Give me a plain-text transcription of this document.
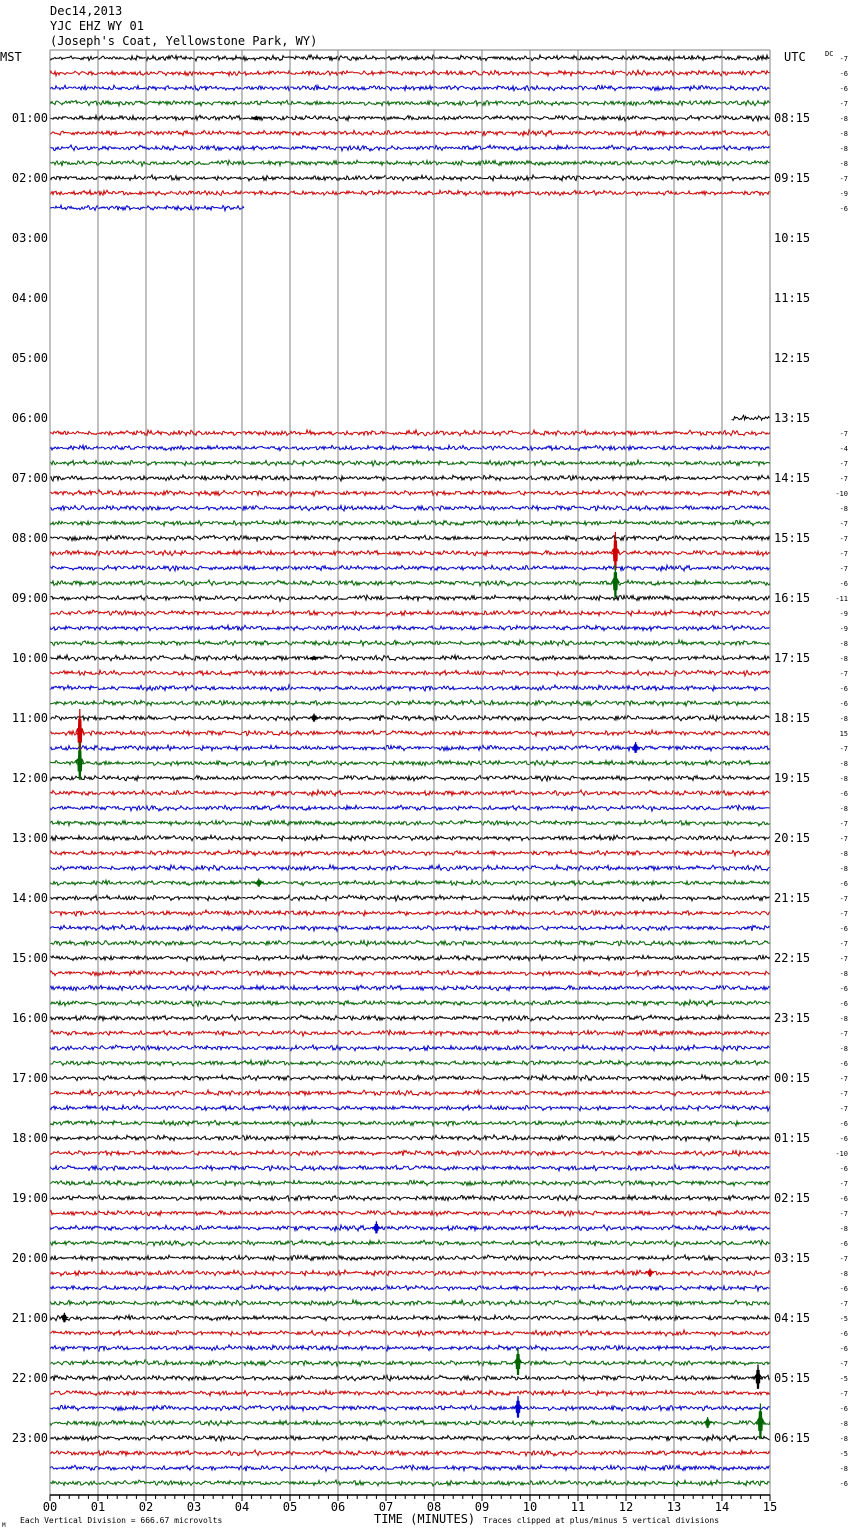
-7
-6
-6
-7
-8
-8
-8
-8
-7
-9
-6
-7
-4
-7
-7
-10
-8
-7
-7
-7
-7
-6
-11
-9
-9
-8
-8
-7
-6
-6
-8
15
-7
-8
-8
-6
-8
-7
-7
-8
-8
-6
-7
-7
-6
-7
-7
-8
-6
-6
-8
-7
-8
-6
-7
-7
-7
-6
-6
-10
-6
-7
-6
-7
-8
-6
-7
-8
-6
-7
-5
-6
-6
-7
-5
-7
-6
-8
-8
-5
-8
-6
00	01	02	03	04	05	06	07	08	09	10	11	12	13	14	15
01:00	08:15
02:00	09:15
03:00	10:15
04:00	11:15
05:00	12:15
06:00	13:15
07:00	14:15
08:00	15:15
09:00	16:15
10:00	17:15
11:00	18:15
12:00	19:15
13:00	20:15
14:00	21:15
15:00	22:15
16:00	23:15
17:00	00:15
18:00	01:15
19:00	02:15
20:00	03:15
21:00	04:15
22:00	05:15
23:00	06:15
Dec14,2013
YJC EHZ WY 01
(Joseph's Coat, Yellowstone Park, WY)
MST	UTC	DC
TIME (MINUTES)
Each Vertical Division = 666.67 microvolts	Traces clipped at plus/minus 5 vertical divisions
M
